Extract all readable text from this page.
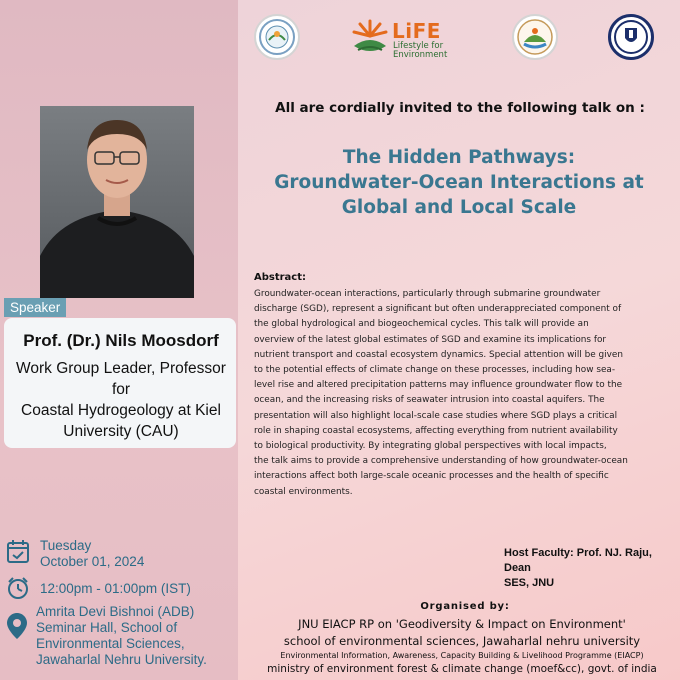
LiFE
Lifestyle for
Environment
Speaker
Prof. (Dr.) Nils Moosdorf
Work Group Leader, Professor for
Coastal Hydrogeology at Kiel
University (CAU)
Tuesday
October 01, 2024
12:00pm - 01:00pm (IST)
Amrita Devi Bishnoi (ADB)
Seminar Hall, School of
Environmental Sciences,
Jawaharlal Nehru University.
All are cordially invited to the following talk on :
The Hidden Pathways:
Groundwater-Ocean Interactions at
Global and Local Scale
Abstract:
Groundwater-ocean interactions, particularly through submarine groundwater
discharge (SGD), represent a significant but often underappreciated component of
the global hydrological and biogeochemical cycles. This talk will provide an
overview of the latest global estimates of SGD and examine its implications for
nutrient transport and coastal ecosystem dynamics. Special attention will be given
to the potential effects of climate change on these processes, including how sea-
level rise and altered precipitation patterns may influence groundwater flow to the
ocean, and the increasing risks of seawater intrusion into coastal aquifers. The
presentation will also highlight local-scale case studies where SGD plays a critical
role in shaping coastal ecosystems, affecting everything from nutrient availability
to biological productivity. By integrating global perspectives with local impacts,
the talk aims to provide a comprehensive understanding of how groundwater-ocean
interactions affect both large-scale oceanic processes and the health of specific
coastal environments.
Host Faculty: Prof. NJ. Raju, Dean
SES, JNU
Organised by:
JNU EIACP RP on 'Geodiversity & Impact on Environment'
school of environmental sciences, Jawaharlal nehru university
Environmental Information, Awareness, Capacity Building & Livelihood Programme (EIACP)
ministry of environment forest & climate change (moef&cc), govt. of india
